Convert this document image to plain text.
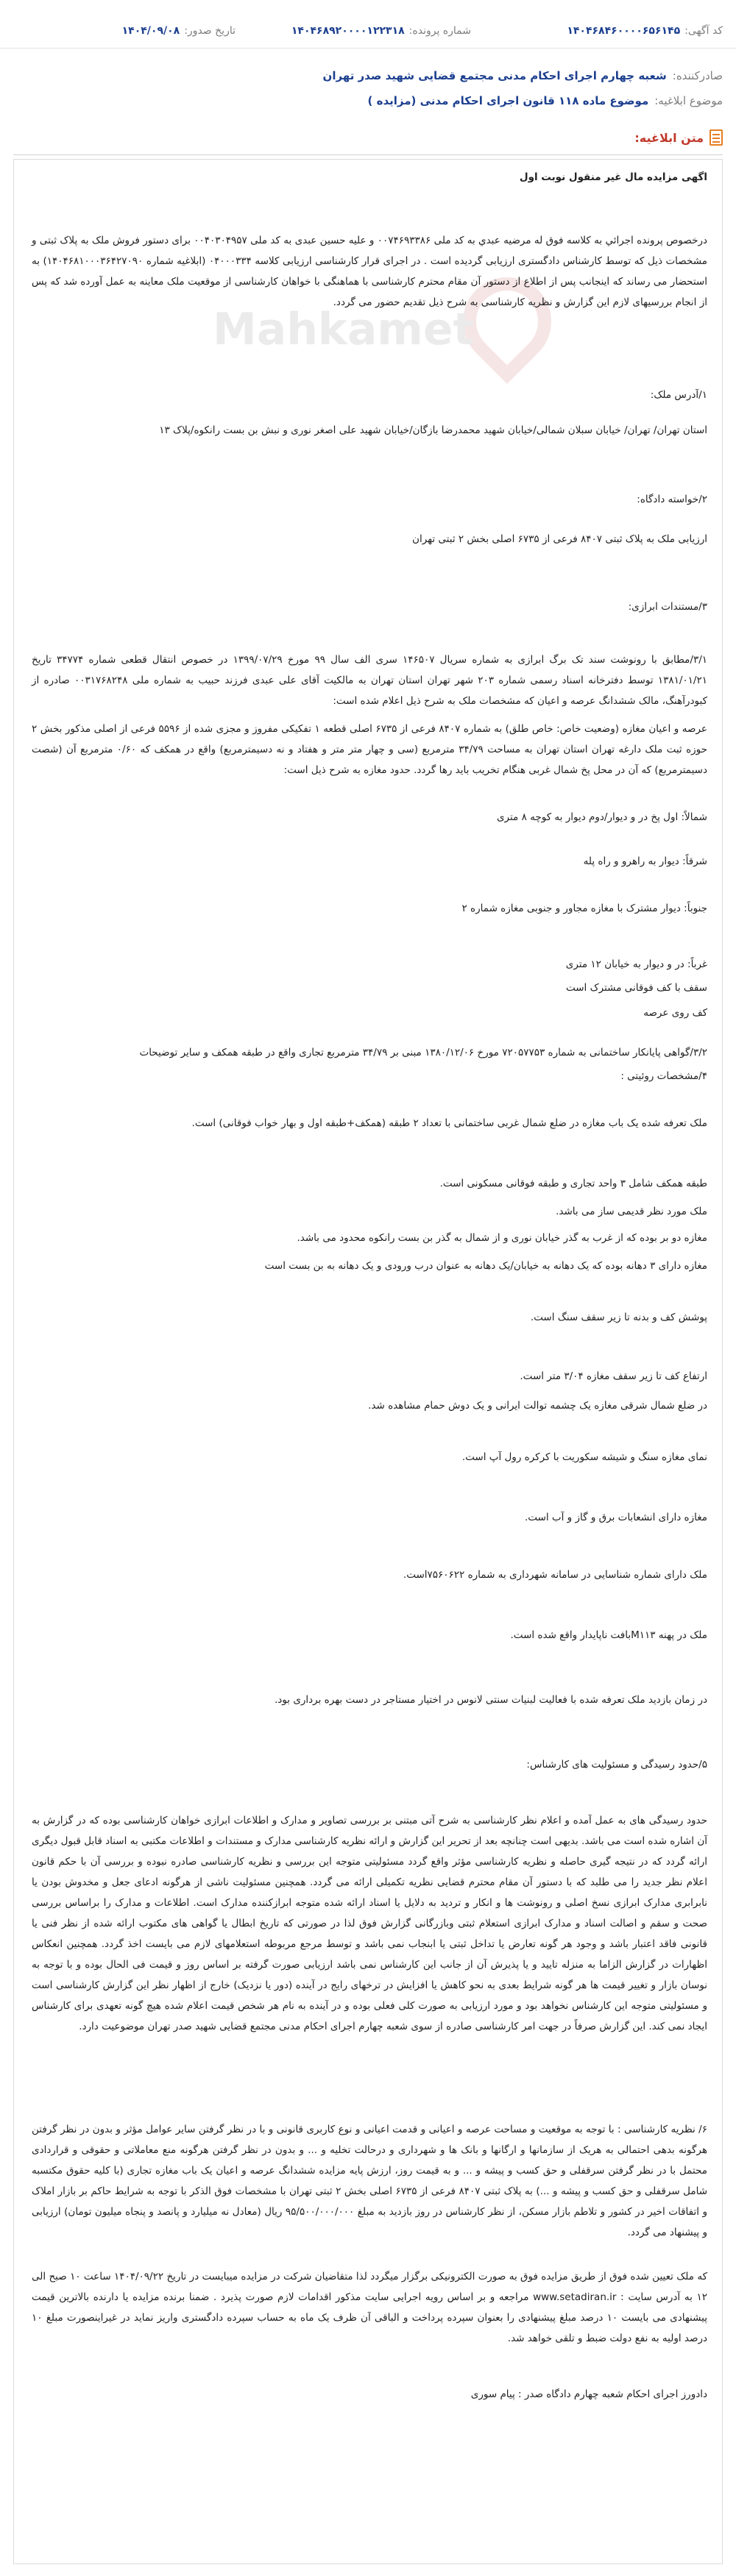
کد آگهی:۱۴۰۴۶۸۴۶۰۰۰۰۶۵۶۱۴۵
شماره پرونده:۱۴۰۴۶۸۹۲۰۰۰۰۱۲۲۳۱۸
تاریخ صدور:۱۴۰۴/۰۹/۰۸
صادرکننده:شعبه چهارم اجرای احکام مدنی مجتمع قضایی شهید صدر تهران
موضوع ابلاغیه:موضوع ماده ۱۱۸ قانون اجرای احکام مدنی (مزایده )
متن ابلاغیه:
Mahkamet
اگهی مزایده مال غیر منقول نوبت اول
درخصوص پرونده اجرائي به کلاسه فوق له مرضيه عبدي به کد ملی ۰۰۷۴۶۹۳۳۸۶ و علیه حسین عبدی به کد ملی ۰۰۴۰۳۰۴۹۵۷ برای دستور فروش ملک به پلاک ثبتی و مشخصات ذیل که توسط کارشناس دادگستری ارزیابی گردیده است . در اجرای قرار کارشناسی ارزیابی کلاسه ۰۴۰۰۰۳۳۴ (ابلاغیه شماره ۱۴۰۴۶۸۱۰۰۰۳۶۴۲۷۰۹۰) به استحضار می رساند که اینجانب پس از اطلاع از دستور آن مقام محترم کارشناسی با هماهنگی با خواهان کارشناسی از موقعیت ملک معاینه به عمل آورده شد که پس از انجام بررسیهای لازم این گزارش و نظریه کارشناسی به شرح ذیل تقدیم حضور می گردد.
۱/آدرس ملک:
استان تهران/ تهران/ خیابان سبلان شمالی/خیابان شهید محمدرضا بازگان/خیابان شهید علی اصغر نوری و نبش بن بست رانکوه/پلاک ۱۳
۲/خواسته دادگاه:
ارزیابی ملک به پلاک ثبتی ۸۴۰۷ فرعی از ۶۷۳۵ اصلی بخش ۲ ثبتی تهران
۳/مستندات ابرازی:
۳/۱/مطابق با رونوشت سند تک برگ ابرازی به شماره سریال ۱۴۶۵۰۷ سری الف سال ۹۹ مورخ ۱۳۹۹/۰۷/۲۹ در خصوص انتقال قطعی شماره ۳۴۷۷۴ تاریخ ۱۳۸۱/۰۱/۲۱ توسط دفترخانه اسناد رسمی شماره ۲۰۳ شهر تهران استان تهران به مالکیت آقای علی عبدی فرزند حبیب به شماره ملی ۰۰۳۱۷۶۸۲۴۸ صادره از کبودرآهنگ، مالک ششدانگ عرصه و اعیان که مشخصات ملک به شرح ذیل اعلام شده است:
عرصه و اعیان مغازه (وضعیت خاص: خاص طلق) به شماره ۸۴۰۷ فرعی از ۶۷۳۵ اصلی قطعه ۱ تفکیکی مفروز و مجزی شده از ۵۵۹۶ فرعی از اصلی مذکور بخش ۲ حوزه ثبت ملک دارغه تهران استان تهران به مساحت ۳۴/۷۹ مترمربع (سی و چهار متر متر و هفتاد و نه دسیمترمربع) واقع در همکف که ۰/۶۰ مترمربع آن (شصت دسیمترمربع) که آن در محل پخ شمال غربی هنگام تخریب باید رها گردد. حدود مغازه به شرح ذیل است:
شمالاً: اول پخ در و دیوار/دوم دیوار به کوچه ۸ متری
شرقاً: دیوار به راهرو و راه پله
جنوباً: دیوار مشترک با مغازه مجاور و جنوبی مغازه شماره ۲
غرباً: در و دیوار به خیابان ۱۲ متری
سقف با کف فوقانی مشترک است
کف روی عرصه
۳/۲/گواهی پایانکار ساختمانی به شماره ۷۲۰۵۷۷۵۳ مورخ ۱۳۸۰/۱۲/۰۶ مبنی بر ۳۴/۷۹ مترمربع تجاری واقع در طبقه همکف و سایر توضیحات
۴/مشخصات روئیتی :
ملک تعرفه شده یک باب مغازه در ضلع شمال غربی ساختمانی با تعداد ۲ طبقه (همکف+طبقه اول و بهار خواب فوقانی) است.
طبقه همکف شامل ۳ واحد تجاری و طبقه فوقانی مسکونی است.
ملک مورد نظر قدیمی ساز می باشد.
مغازه دو بر بوده که از غرب به گذر خیابان نوری و از شمال به گذر بن بست رانکوه محدود می باشد.
مغازه دارای ۳ دهانه بوده که یک دهانه به خیابان/یک دهانه به عنوان درب ورودی و یک دهانه به بن بست است
پوشش کف و بدنه تا زیر سقف سنگ است.
ارتفاع کف تا زیر سقف مغازه ۳/۰۴ متر است.
در ضلع شمال شرقی مغازه یک چشمه توالت ایرانی و یک دوش حمام مشاهده شد.
نمای مغازه سنگ و شیشه سکوریت با کرکره رول آپ است.
مغازه دارای انشعابات برق و گاز و آب است.
ملک دارای شماره شناسایی در سامانه شهرداری به شماره ۷۵۶۰۶۲۲است.
ملک در پهنه M۱۱۳بافت ناپایدار واقع شده است.
در زمان بازدید ملک تعرفه شده با فعالیت لبنیات سنتی لانوس در اختیار مستاجر در دست بهره برداری بود.
۵/حدود رسیدگی و مسئولیت های کارشناس:
حدود رسیدگی های به عمل آمده و اعلام نظر کارشناسی به شرح آتی مبتنی بر بررسی تصاویر و مدارک و اطلاعات ابرازی خواهان کارشناسی بوده که در گزارش به آن اشاره شده است می باشد. بدیهی است چنانچه بعد از تحریر این گزارش و ارائه نظریه کارشناسی مدارک و مستندات و اطلاعات مکتبی به اسناد قابل قبول دیگری ارائه گردد که در نتیجه گیری حاصله و نظریه کارشناسی مؤثر واقع گردد مسئولیتی متوجه این بررسی و نظریه کارشناسی صادره نبوده و بررسی آن با حکم قانون اعلام نظر جدید را می طلبد که با دستور آن مقام محترم قضایی نظریه تکمیلی ارائه می گردد. همچنین مسئولیت ناشی از هرگونه ادعای جعل و مخدوش بودن یا نابرابری مدارک ابرازی نسخ اصلی و رونوشت ها و انکار و تردید به دلایل یا اسناد ارائه شده متوجه ابرازکننده مدارک است. اطلاعات و مدارک را براساس بررسی صحت و سقم و اصالت اسناد و مدارک ابرازی استعلام ثبتی وبازرگانی گزارش فوق لذا در صورتی که تاریخ ابطال یا گواهی های مکتوب ارائه شده از نظر فنی یا قانونی فاقد اعتبار باشد و وجود هر گونه تعارض یا تداخل ثبتی یا ابنجاب نمی باشد و توسط مرجع مربوطه استعلامهای لازم می بایست اخذ گردد. همچنین انعکاس اظهارات در گزارش الزاما به منزله تایید و یا پذیرش آن از جانب این کارشناس نمی باشد ارزیابی صورت گرفته بر اساس روز و قیمت فی الحال بوده و با توجه به نوسان بازار و تغییر قیمت ها هر گونه شرایط بعدی به نحو کاهش یا افزایش در ترخهای رایج در آینده (دور یا نزدیک) خارج از اظهار نظر این گزارش کارشناسی است و مسئولیتی متوجه این کارشناس نخواهد بود و مورد ارزیابی به صورت کلی فعلی بوده و در آینده به نام هر شخص قیمت اعلام شده هیچ گونه تعهدی برای کارشناس ایجاد نمی کند. این گزارش صرفاً در جهت امر کارشناسی صادره از سوی شعبه چهارم اجرای احکام مدنی مجتمع قضایی شهید صدر تهران موضوعیت دارد.
۶/ نظریه کارشناسی : با توجه به موقعیت و مساحت عرصه و اعیانی و قدمت اعیانی و نوع کاربری قانونی و با در نظر گرفتن سایر عوامل مؤثر و بدون در نظر گرفتن هرگونه بدهی احتمالی به هریک از سازمانها و ارگانها و بانک ها و شهرداری و درحالت تخلیه و ... و بدون در نظر گرفتن هرگونه منع معاملاتی و حقوقی و قراردادی محتمل با در نظر گرفتن سرقفلی و حق کسب و پیشه و ... و به قیمت روز، ارزش پایه مزایده ششدانگ عرصه و اعیان یک باب مغازه تجاری (با کلیه حقوق مکتسبه شامل سرقفلی و حق کسب و پیشه و ...) به پلاک ثبتی ۸۴۰۷ فرعی از ۶۷۳۵ اصلی بخش ۲ ثبتی تهران با مشخصات فوق الذکر با توجه به شرایط حاکم بر بازار املاک و اتفاقات اخیر در کشور و تلاطم بازار مسکن، از نظر کارشناس در روز بازدید به مبلغ ۹۵/۵۰۰/۰۰۰/۰۰۰ ریال (معادل نه میلیارد و پانصد و پنجاه میلیون تومان) ارزیابی و پیشنهاد می گردد.
که ملک تعیین شده فوق از طریق مزایده فوق به صورت الکترونیکی برگزار میگردد لذا متقاضیان شرکت در مزایده میبایست در تاریخ ۱۴۰۴/۰۹/۲۲ ساعت ۱۰ صبح الی ۱۲ به آدرس سایت : www.setadiran.ir مراجعه و بر اساس رویه اجرایی سایت مذکور اقدامات لازم صورت پذیرد . ضمنا برنده مزایده یا دارنده بالاترین قیمت پیشنهادی می بایست ۱۰ درصد مبلغ پیشنهادی را بعنوان سپرده پرداخت و الباقی آن ظرف یک ماه به حساب سپرده دادگستری واریز نماید در غیراینصورت مبلغ ۱۰ درصد اولیه به نفع دولت ضبط و تلقی خواهد شد.
دادورز اجرای احکام شعبه چهارم دادگاه صدر : پیام سوری
